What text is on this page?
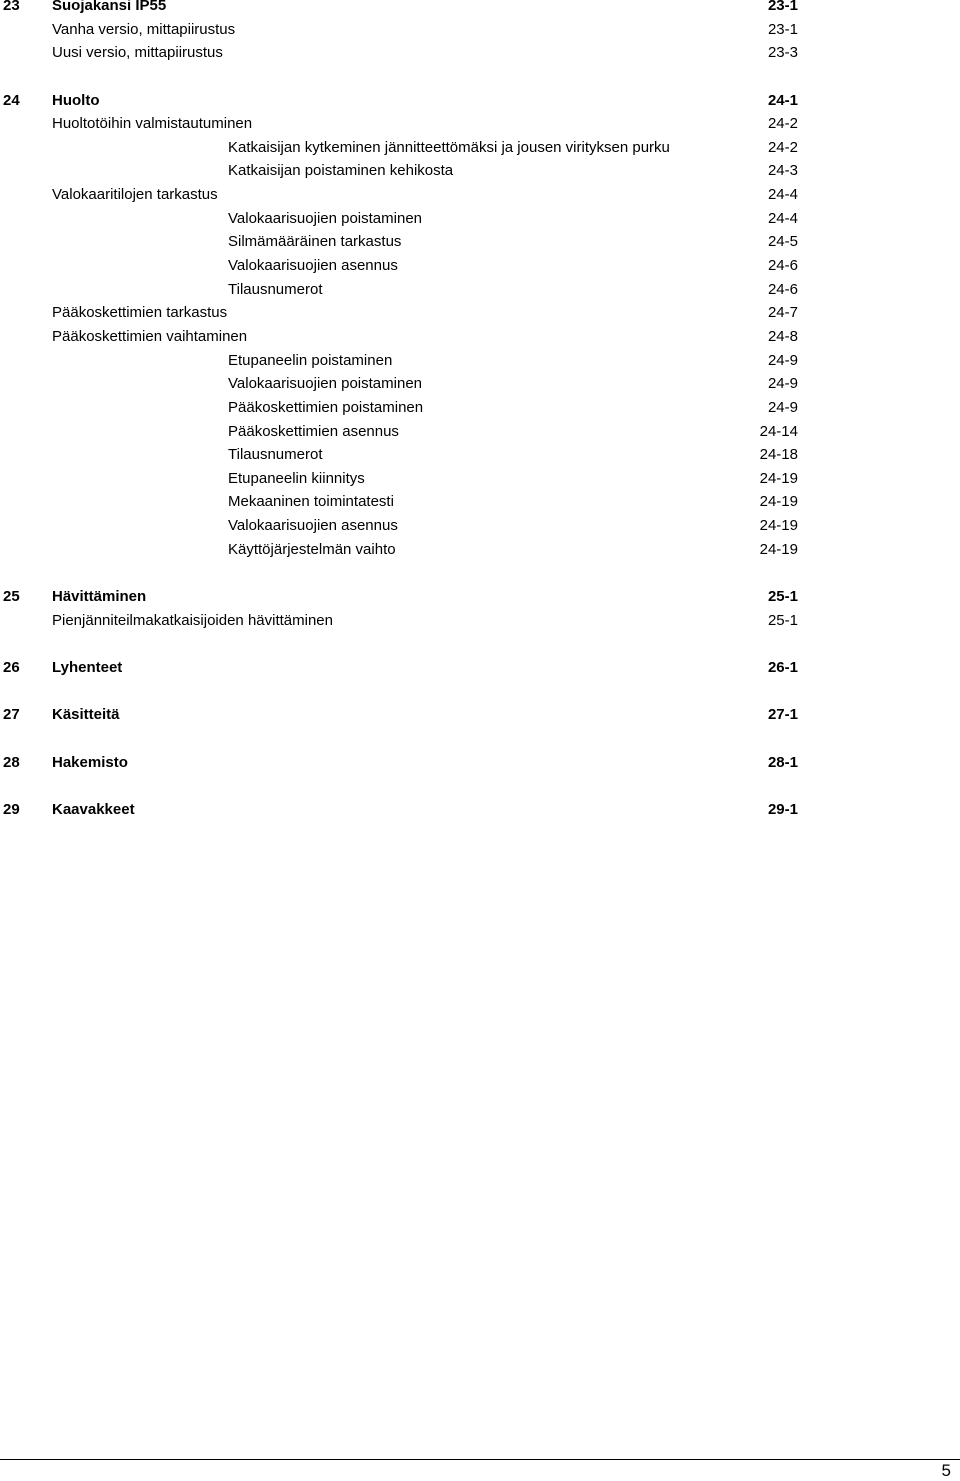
23 Suojakansi IP55	23-1
Vanha versio, mittapiirustus	23-1
Uusi versio, mittapiirustus	23-3
24 Huolto	24-1
Huoltotöihin valmistautuminen	24-2
Katkaisijan kytkeminen jännitteettömäksi ja jousen virityksen purku	24-2
Katkaisijan poistaminen kehikosta	24-3
Valokaaritilojen tarkastus	24-4
Valokaarisuojien poistaminen	24-4
Silmämääräinen tarkastus	24-5
Valokaarisuojien asennus	24-6
Tilausnumerot	24-6
Pääkoskettimien tarkastus	24-7
Pääkoskettimien vaihtaminen	24-8
Etupaneelin poistaminen	24-9
Valokaarisuojien poistaminen	24-9
Pääkoskettimien poistaminen	24-9
Pääkoskettimien asennus	24-14
Tilausnumerot	24-18
Etupaneelin kiinnitys	24-19
Mekaaninen toimintatesti	24-19
Valokaarisuojien asennus	24-19
Käyttöjärjestelmän vaihto	24-19
25 Hävittäminen	25-1
Pienjänniteilmakatkaisijoiden hävittäminen	25-1
26 Lyhenteet	26-1
27 Käsitteitä	27-1
28 Hakemisto	28-1
29 Kaavakkeet	29-1
5
